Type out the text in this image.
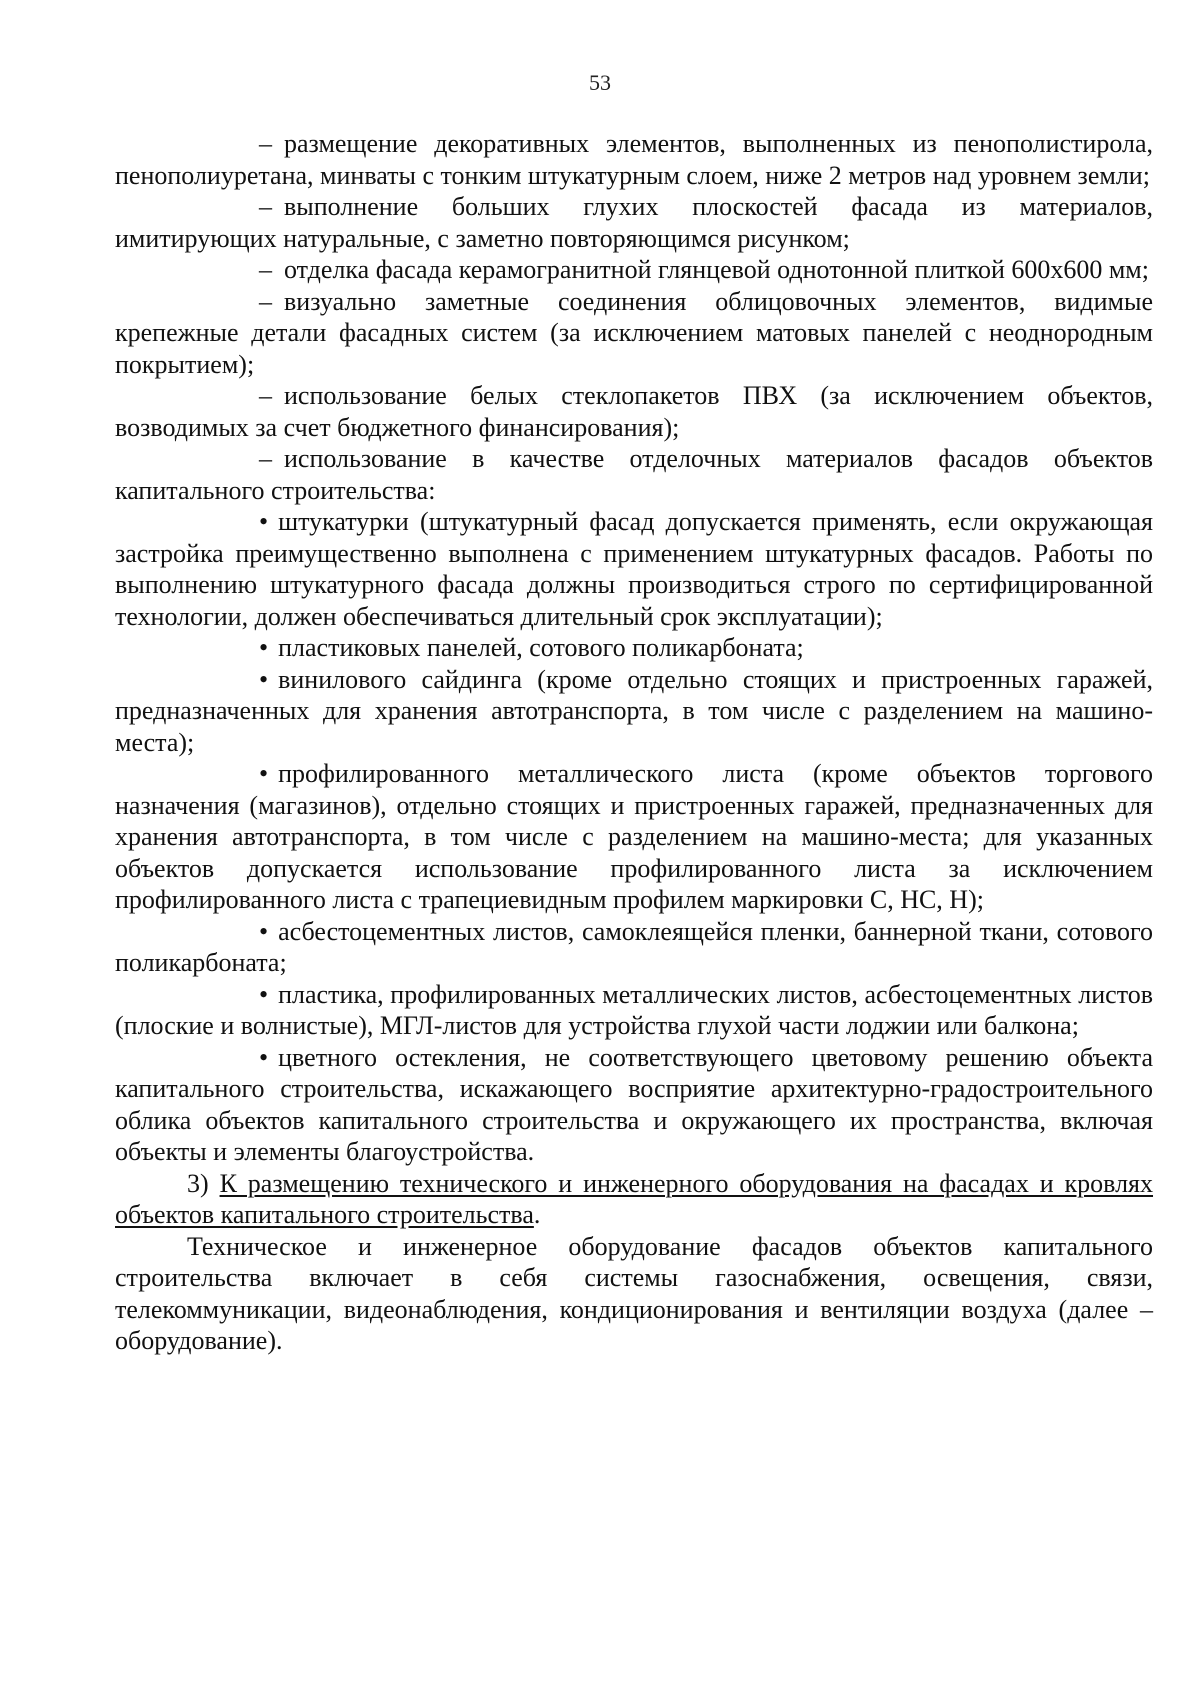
53

– размещение декоративных элементов, выполненных из пенополистирола, пенополиуретана, минваты с тонким штукатурным слоем, ниже 2 метров над уровнем земли;

– выполнение больших глухих плоскостей фасада из материалов, имитирующих натуральные, с заметно повторяющимся рисунком;

– отделка фасада керамогранитной глянцевой однотонной плиткой 600х600 мм;

– визуально заметные соединения облицовочных элементов, видимые крепежные детали фасадных систем (за исключением матовых панелей с неоднородным покрытием);

– использование белых стеклопакетов ПВХ (за исключением объектов, возводимых за счет бюджетного финансирования);

– использование в качестве отделочных материалов фасадов объектов капитального строительства:

• штукатурки (штукатурный фасад допускается применять, если окружающая застройка преимущественно выполнена с применением штукатурных фасадов. Работы по выполнению штукатурного фасада должны производиться строго по сертифицированной технологии, должен обеспечиваться длительный срок эксплуатации);

• пластиковых панелей, сотового поликарбоната;

• винилового сайдинга (кроме отдельно стоящих и пристроенных гаражей, предназначенных для хранения автотранспорта, в том числе с разделением на машино-места);

• профилированного металлического листа (кроме объектов торгового назначения (магазинов), отдельно стоящих и пристроенных гаражей, предназначенных для хранения автотранспорта, в том числе с разделением на машино-места; для указанных объектов допускается использование профилированного листа за исключением профилированного листа с трапециевидным профилем маркировки С, НС, Н);

• асбестоцементных листов, самоклеящейся пленки, баннерной ткани, сотового поликарбоната;

• пластика, профилированных металлических листов, асбестоцементных листов (плоские и волнистые), МГЛ-листов для устройства глухой части лоджии или балкона;

• цветного остекления, не соответствующего цветовому решению объекта капитального строительства, искажающего восприятие архитектурно-градостроительного облика объектов капитального строительства и окружающего их пространства, включая объекты и элементы благоустройства.

3) К размещению технического и инженерного оборудования на фасадах и кровлях объектов капитального строительства.

Техническое и инженерное оборудование фасадов объектов капитального строительства включает в себя системы газоснабжения, освещения, связи, телекоммуникации, видеонаблюдения, кондиционирования и вентиляции воздуха (далее – оборудование).
